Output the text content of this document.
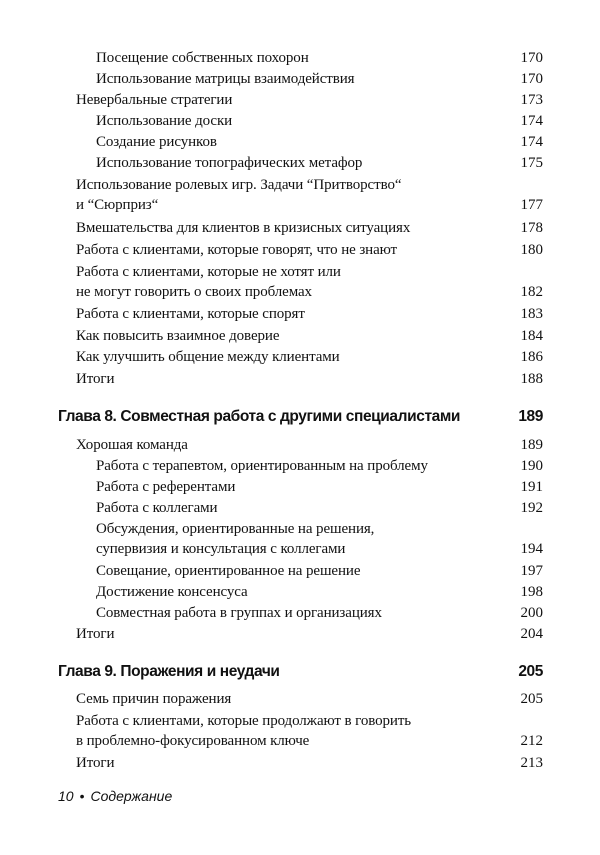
Посещение собственных похорон	170
Использование матрицы взаимодействия	170
Невербальные стратегии	173
Использование доски	174
Создание рисунков	174
Использование топографических метафор	175
Использование ролевых игр. Задачи “Притворство“
и “Сюрприз“	177
Вмешательства для клиентов в кризисных ситуациях	178
Работа с клиентами, которые говорят, что не знают	180
Работа с клиентами, которые не хотят или
не могут говорить о своих проблемах	182
Работа с клиентами, которые спорят	183
Как повысить взаимное доверие	184
Как улучшить общение между клиентами	186
Итоги	188
Глава 8. Совместная работа с другими специалистами	189
Хорошая команда	189
Работа с терапевтом, ориентированным на проблему	190
Работа с референтами	191
Работа с коллегами	192
Обсуждения, ориентированные на решения,
супервизия и консультация с коллегами	194
Совещание, ориентированное на решение	197
Достижение консенсуса	198
Совместная работа в группах и организациях	200
Итоги	204
Глава 9. Поражения и неудачи	205
Семь причин поражения	205
Работа с клиентами, которые продолжают в говорить
в проблемно-фокусированном ключе	212
Итоги	213
10 • Содержание
